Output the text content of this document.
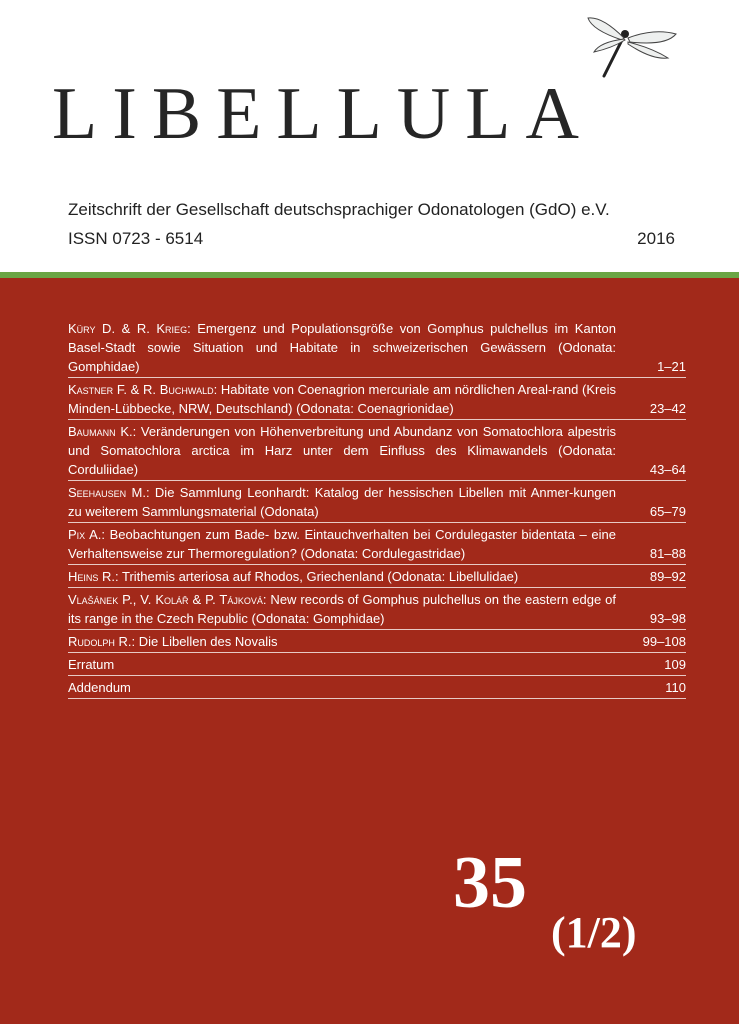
LIBELLULA
Zeitschrift der Gesellschaft deutschsprachiger Odonatologen (GdO) e.V.
ISSN 0723 - 6514	2016
Küry D. & R. Krieg: Emergenz und Populationsgröße von Gomphus pulchellus im Kanton Basel-Stadt sowie Situation und Habitate in schweizerischen Gewässern (Odonata: Gomphidae)	1–21
Kastner F. & R. Buchwald: Habitate von Coenagrion mercuriale am nördlichen Areal-rand (Kreis Minden-Lübbecke, NRW, Deutschland) (Odonata: Coenagrionidae)	23–42
Baumann K.: Veränderungen von Höhenverbreitung und Abundanz von Somatochlora alpestris und Somatochlora arctica im Harz unter dem Einfluss des Klimawandels (Odonata: Corduliidae)	43–64
Seehausen M.: Die Sammlung Leonhardt: Katalog der hessischen Libellen mit Anmer-kungen zu weiterem Sammlungsmaterial (Odonata)	65–79
Pix A.: Beobachtungen zum Bade- bzw. Eintauchverhalten bei Cordulegaster bidentata – eine Verhaltensweise zur Thermoregulation? (Odonata: Cordulegastridae)	81–88
Heins R.: Trithemis arteriosa auf Rhodos, Griechenland (Odonata: Libellulidae)	89–92
Vlašánek P., V. Kolář & P. Tájková: New records of Gomphus pulchellus on the eastern edge of its range in the Czech Republic (Odonata: Gomphidae)	93–98
Rudolph R.: Die Libellen des Novalis	99–108
Erratum	109
Addendum	110
35
(1/2)
